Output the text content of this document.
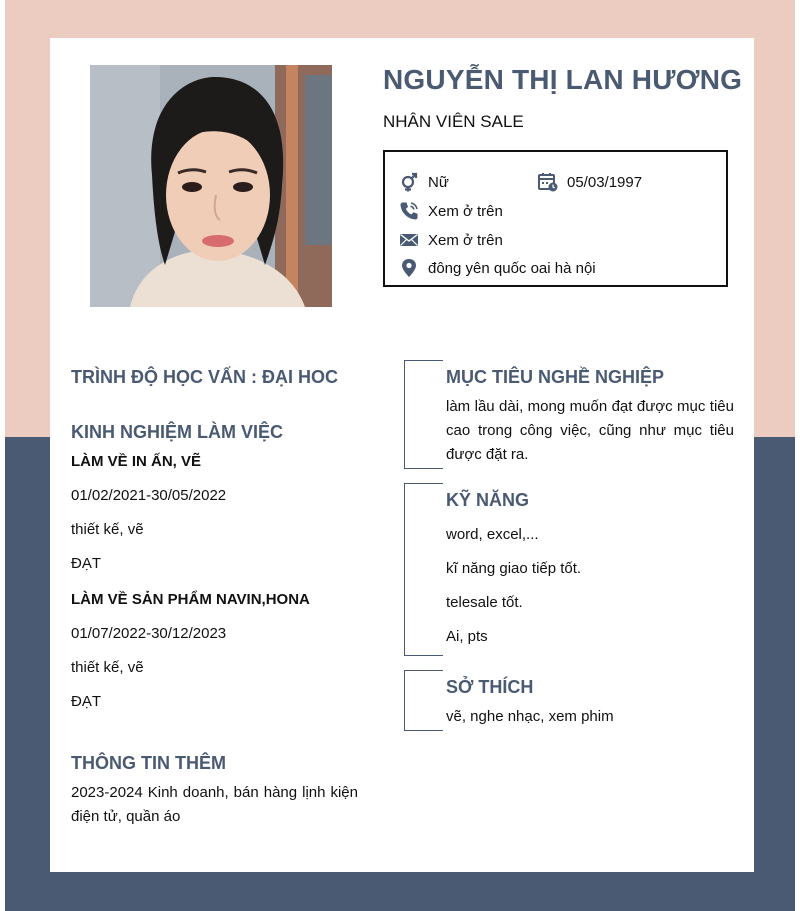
NGUYỄN THỊ LAN HƯƠNG
NHÂN VIÊN SALE
Nữ	05/03/1997
Xem ở trên
Xem ở trên
đông yên quốc oai hà nội
TRÌNH ĐỘ HỌC VẤN : ĐẠI HOC
KINH NGHIỆM LÀM VIỆC
LÀM VỀ IN ẤN, VẼ
01/02/2021-30/05/2022
thiết kế, vẽ
ĐẠT
LÀM VỀ SẢN PHẨM NAVIN,HONA
01/07/2022-30/12/2023
thiết kế, vẽ
ĐẠT
THÔNG TIN THÊM
2023-2024 Kinh doanh, bán hàng lịnh kiện điện tử, quần áo
MỤC TIÊU NGHỀ NGHIỆP
làm lầu dài, mong muốn đạt được mục tiêu cao trong công việc, cũng như mục tiêu được đặt ra.
KỸ NĂNG
word, excel,...
kĩ năng giao tiếp tốt.
telesale tốt.
Ai, pts
SỞ THÍCH
vẽ, nghe nhạc, xem phim
